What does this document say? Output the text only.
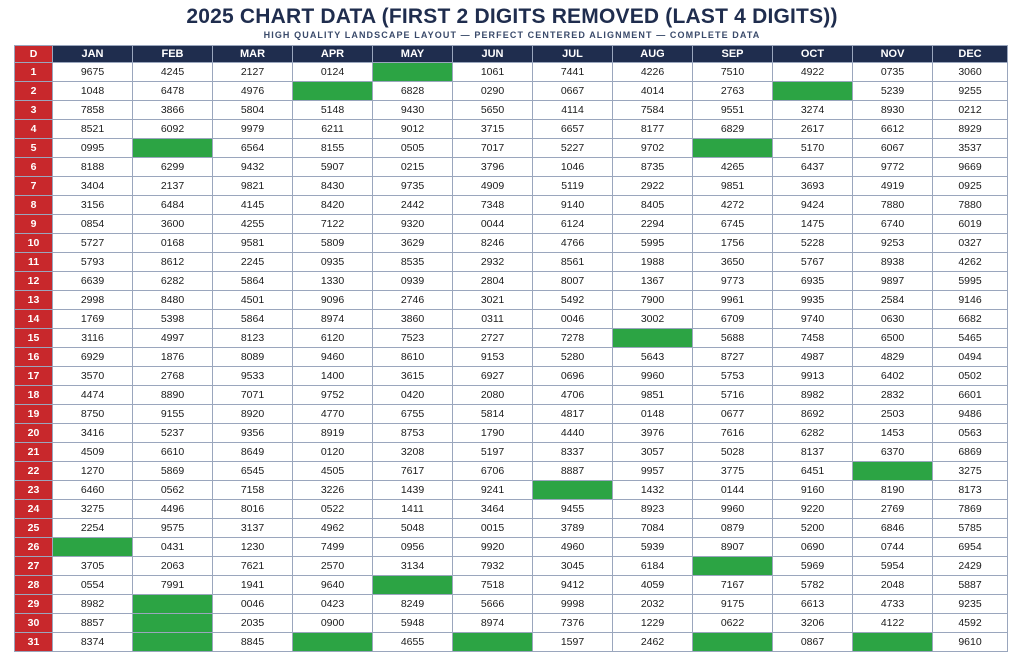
2025 CHART DATA (FIRST 2 DIGITS REMOVED (LAST 4 DIGITS))
HIGH QUALITY LANDSCAPE LAYOUT — PERFECT CENTERED ALIGNMENT — COMPLETE DATA
D	JAN	FEB	MAR	APR	MAY	JUN	JUL	AUG	SEP	OCT	NOV	DEC
1	9675	4245	2127	0124		1061	7441	4226	7510	4922	0735	3060
2	1048	6478	4976		6828	0290	0667	4014	2763		5239	9255
3	7858	3866	5804	5148	9430	5650	4114	7584	9551	3274	8930	0212
4	8521	6092	9979	6211	9012	3715	6657	8177	6829	2617	6612	8929
5	0995		6564	8155	0505	7017	5227	9702		5170	6067	3537
6	8188	6299	9432	5907	0215	3796	1046	8735	4265	6437	9772	9669
7	3404	2137	9821	8430	9735	4909	5119	2922	9851	3693	4919	0925
8	3156	6484	4145	8420	2442	7348	9140	8405	4272	9424	7880	7880
9	0854	3600	4255	7122	9320	0044	6124	2294	6745	1475	6740	6019
10	5727	0168	9581	5809	3629	8246	4766	5995	1756	5228	9253	0327
11	5793	8612	2245	0935	8535	2932	8561	1988	3650	5767	8938	4262
12	6639	6282	5864	1330	0939	2804	8007	1367	9773	6935	9897	5995
13	2998	8480	4501	9096	2746	3021	5492	7900	9961	9935	2584	9146
14	1769	5398	5864	8974	3860	0311	0046	3002	6709	9740	0630	6682
15	3116	4997	8123	6120	7523	2727	7278		5688	7458	6500	5465
16	6929	1876	8089	9460	8610	9153	5280	5643	8727	4987	4829	0494
17	3570	2768	9533	1400	3615	6927	0696	9960	5753	9913	6402	0502
18	4474	8890	7071	9752	0420	2080	4706	9851	5716	8982	2832	6601
19	8750	9155	8920	4770	6755	5814	4817	0148	0677	8692	2503	9486
20	3416	5237	9356	8919	8753	1790	4440	3976	7616	6282	1453	0563
21	4509	6610	8649	0120	3208	5197	8337	3057	5028	8137	6370	6869
22	1270	5869	6545	4505	7617	6706	8887	9957	3775	6451		3275
23	6460	0562	7158	3226	1439	9241		1432	0144	9160	8190	8173
24	3275	4496	8016	0522	1411	3464	9455	8923	9960	9220	2769	7869
25	2254	9575	3137	4962	5048	0015	3789	7084	0879	5200	6846	5785
26		0431	1230	7499	0956	9920	4960	5939	8907	0690	0744	6954
27	3705	2063	7621	2570	3134	7932	3045	6184		5969	5954	2429
28	0554	7991	1941	9640		7518	9412	4059	7167	5782	2048	5887
29	8982		0046	0423	8249	5666	9998	2032	9175	6613	4733	9235
30	8857		2035	0900	5948	8974	7376	1229	0622	3206	4122	4592
31	8374		8845		4655		1597	2462		0867		9610
